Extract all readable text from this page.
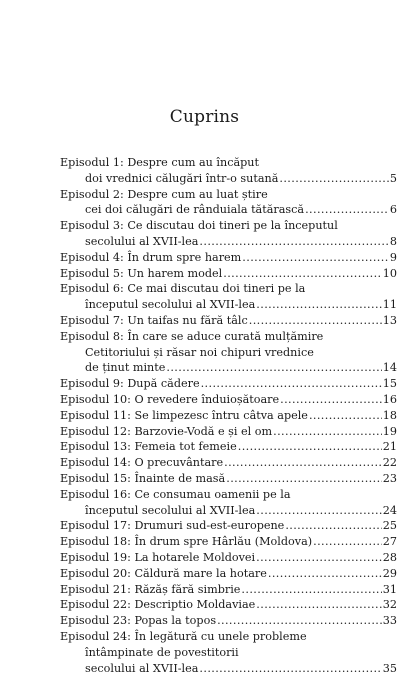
Cuprins
Episodul 1: Despre cum au încăput
doi vrednici călugări într-o sutană .....	5
Episodul 2: Despre cum au luat știre
cei doi călugări de rânduiala tătărască .....	6
Episodul 3: Ce discutau doi tineri pe la începutul
secolului al XVII-lea .....	8
Episodul 4: În drum spre harem .....	9
Episodul 5: Un harem model .....	10
Episodul 6: Ce mai discutau doi tineri pe la
începutul secolului al XVII-lea .....	11
Episodul 7: Un taifas nu fără tâlc .....	13
Episodul 8: În care se aduce curată mulțămire
Cetitoriului și răsar noi chipuri vrednice
de ținut minte .....	14
Episodul 9: După cădere .....	15
Episodul 10: O revedere înduioșătoare .....	16
Episodul 11: Se limpezesc întru câtva apele .....	18
Episodul 12: Barzovie-Vodă e și el om .....	19
Episodul 13: Femeia tot femeie .....	21
Episodul 14: O precuvântare .....	22
Episodul 15: Înainte de masă .....	23
Episodul 16: Ce consumau oamenii pe la
începutul secolului al XVII-lea .....	24
Episodul 17: Drumuri sud-est-europene .....	25
Episodul 18: În drum spre Hârlău (Moldova) .....	27
Episodul 19: La hotarele Moldovei .....	28
Episodul 20: Căldură mare la hotare .....	29
Episodul 21: Răzăș fără simbrie .....	31
Episodul 22: Descriptio Moldaviae .....	32
Episodul 23: Popas la topos .....	33
Episodul 24: În legătură cu unele probleme
întâmpinate de povestitorii
secolului al XVII-lea .....	35
